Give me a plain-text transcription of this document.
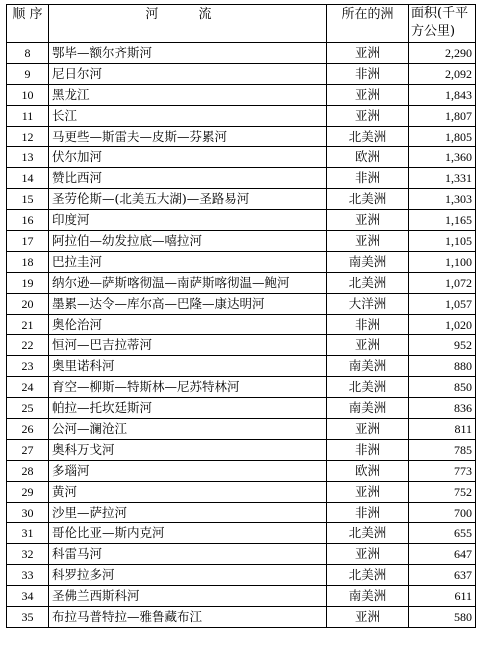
顺 序	河 流	所在的洲	面积(千平方公里)
8	鄂毕—额尔齐斯河	亚洲	2,290
9	尼日尔河	非洲	2,092
10	黑龙江	亚洲	1,843
11	长江	亚洲	1,807
12	马更些—斯雷夫—皮斯—芬累河	北美洲	1,805
13	伏尔加河	欧洲	1,360
14	赞比西河	非洲	1,331
15	圣劳伦斯—(北美五大湖)—圣路易河	北美洲	1,303
16	印度河	亚洲	1,165
17	阿拉伯—幼发拉底—嘻拉河	亚洲	1,105
18	巴拉圭河	南美洲	1,100
19	纳尔逊—萨斯喀彻温—南萨斯喀彻温—鲍河	北美洲	1,072
20	墨累—达令—库尔高—巴隆—康达明河	大洋洲	1,057
21	奥伦治河	非洲	1,020
22	恒河—巴吉拉蒂河	亚洲	952
23	奥里诺科河	南美洲	880
24	育空—柳斯—特斯林—尼苏特林河	北美洲	850
25	帕拉—托坎廷斯河	南美洲	836
26	公河—澜沧江	亚洲	811
27	奥科万戈河	非洲	785
28	多瑙河	欧洲	773
29	黄河	亚洲	752
30	沙里—萨拉河	非洲	700
31	哥伦比亚—斯内克河	北美洲	655
32	科雷马河	亚洲	647
33	科罗拉多河	北美洲	637
34	圣佛兰西斯科河	南美洲	611
35	布拉马普特拉—雅鲁藏布江	亚洲	580
